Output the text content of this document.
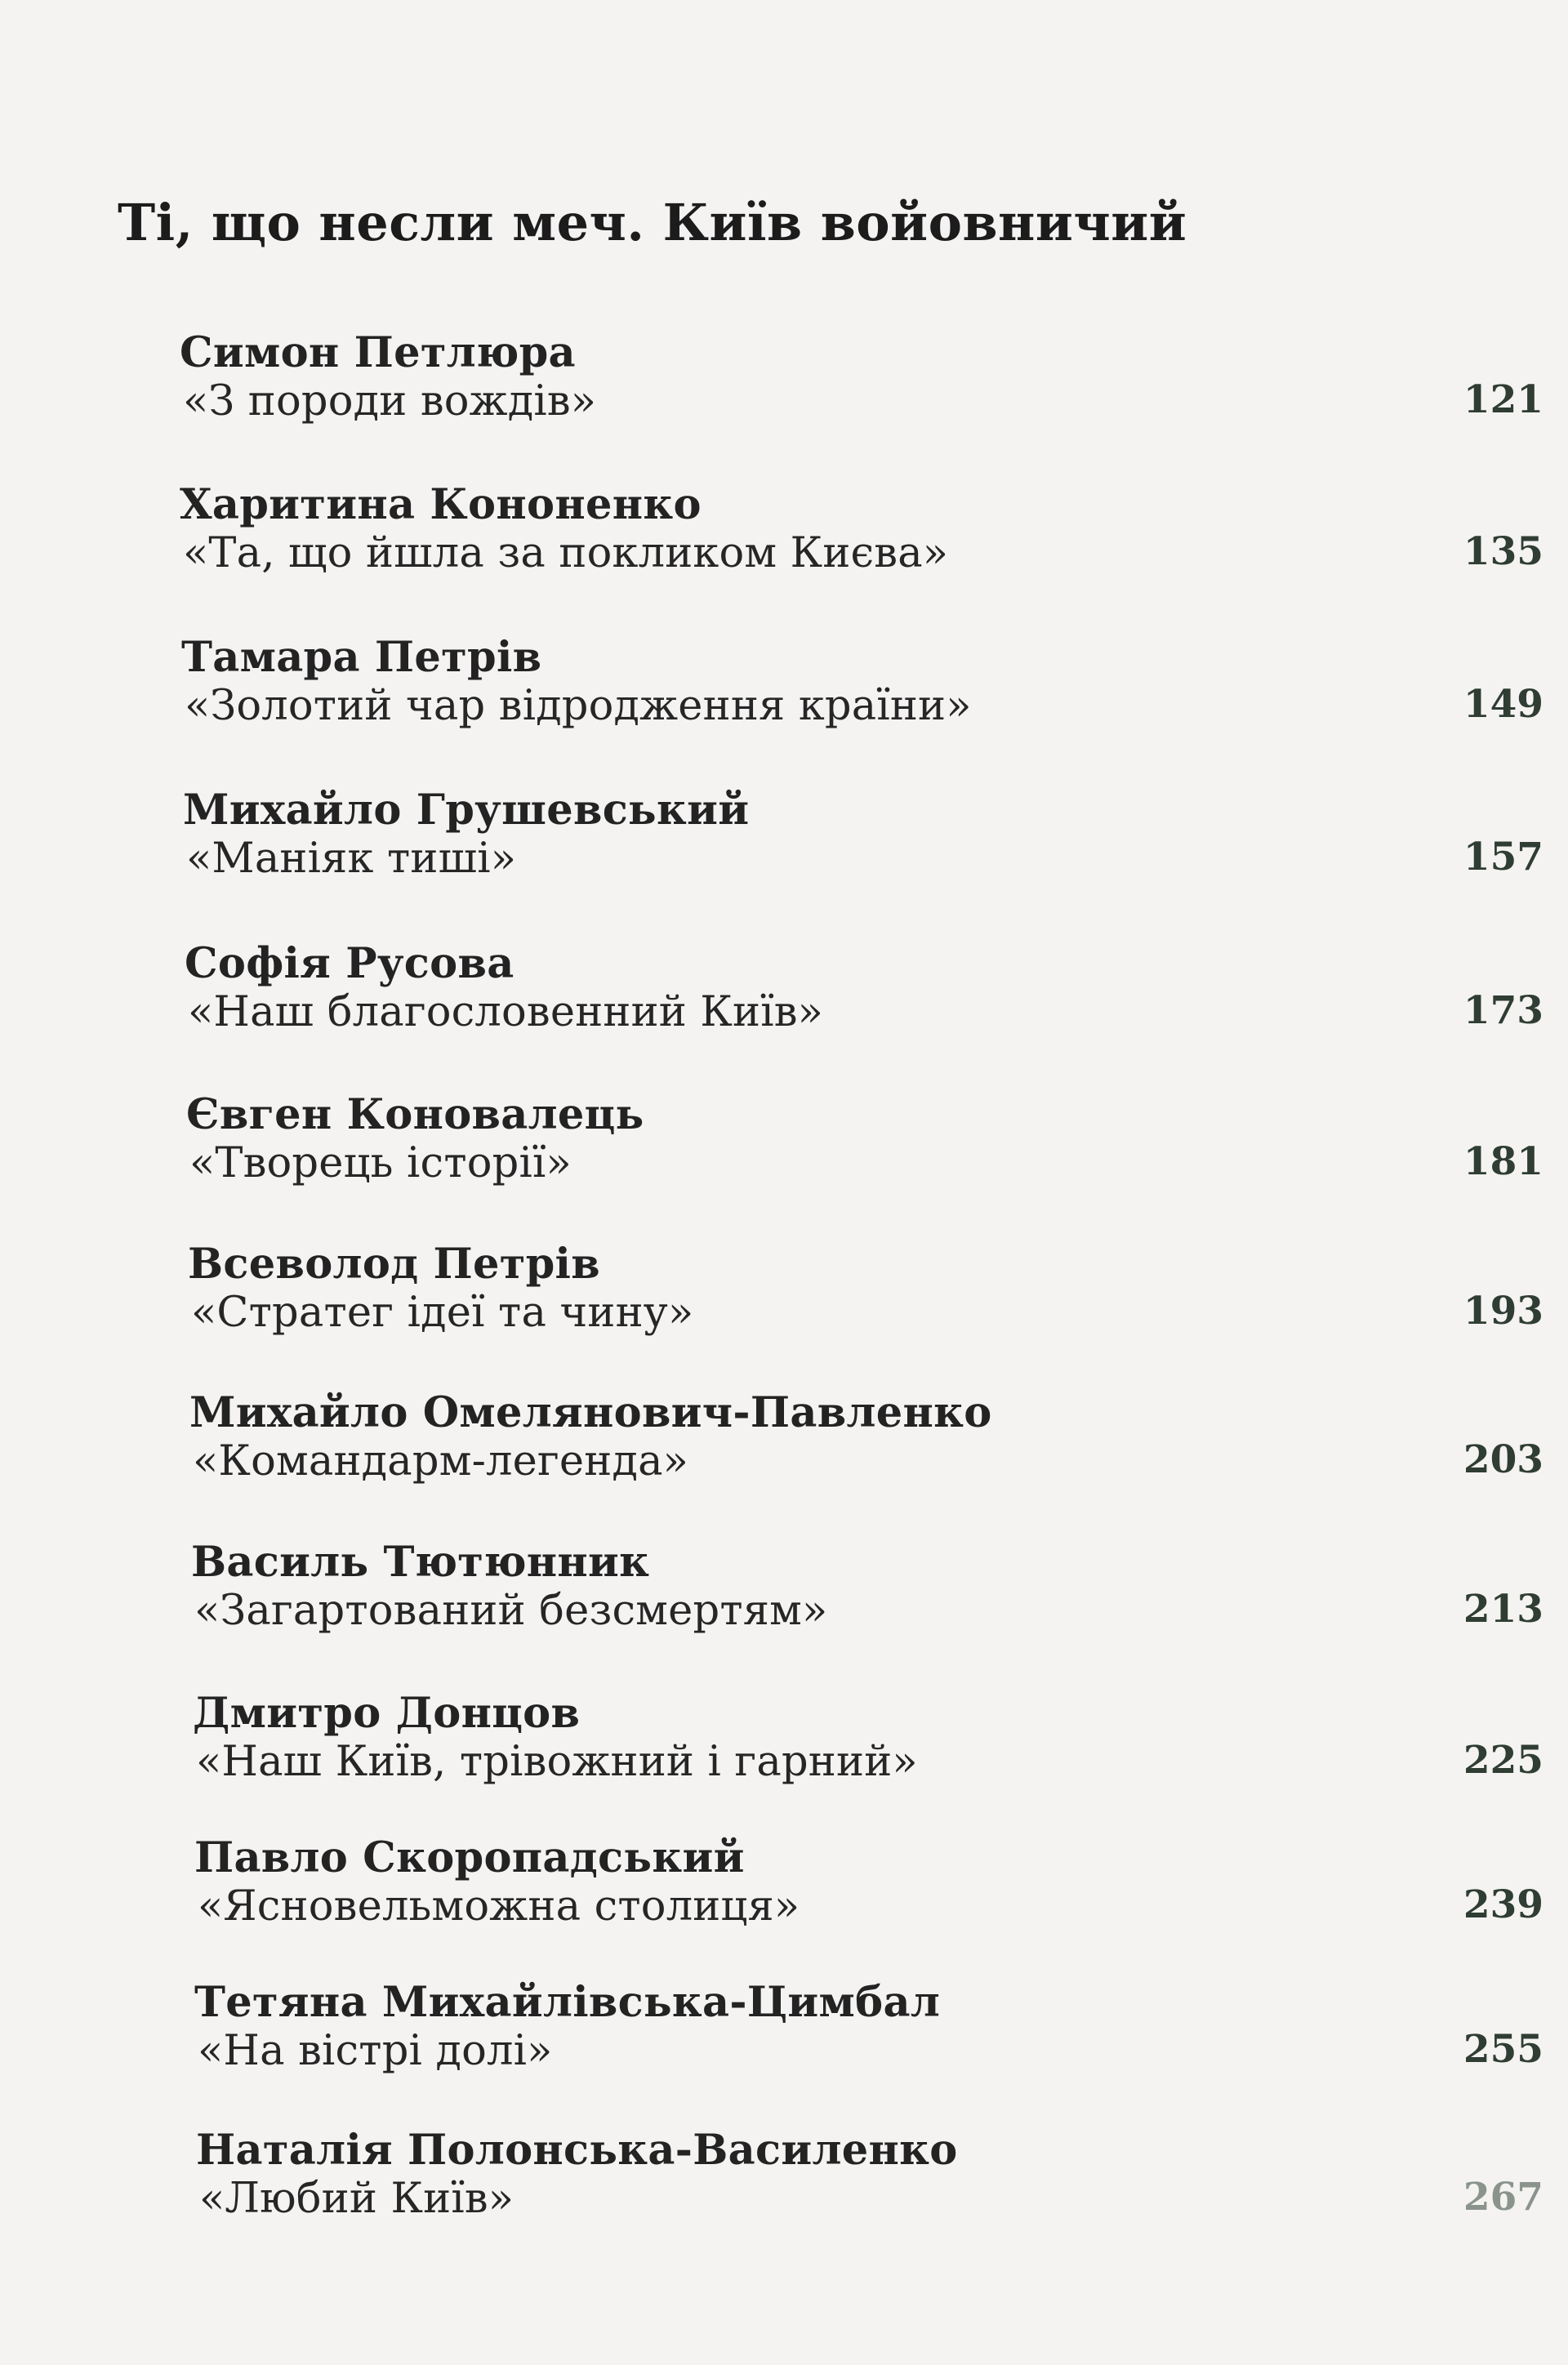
Ті, що несли меч. Київ войовничий
Симон Петлюра
«З породи вождів»	121
Харитина Кононенко
«Та, що йшла за покликом Києва»	135
Тамара Петрів
«Золотий чар відродження країни»	149
Михайло Грушевський
«Маніяк тиші»	157
Софія Русова
«Наш благословенний Київ»	173
Євген Коновалець
«Творець історії»	181
Всеволод Петрів
«Стратег ідеї та чину»	193
Михайло Омелянович-Павленко
«Командарм-легенда»	203
Василь Тютюнник
«Загартований безсмертям»	213
Дмитро Донцов
«Наш Київ, трівожний і гарний»	225
Павло Скоропадський
«Ясновельможна столиця»	239
Тетяна Михайлівська-Цимбал
«На вістрі долі»	255
Наталія Полонська-Василенко
«Любий Київ»	267
